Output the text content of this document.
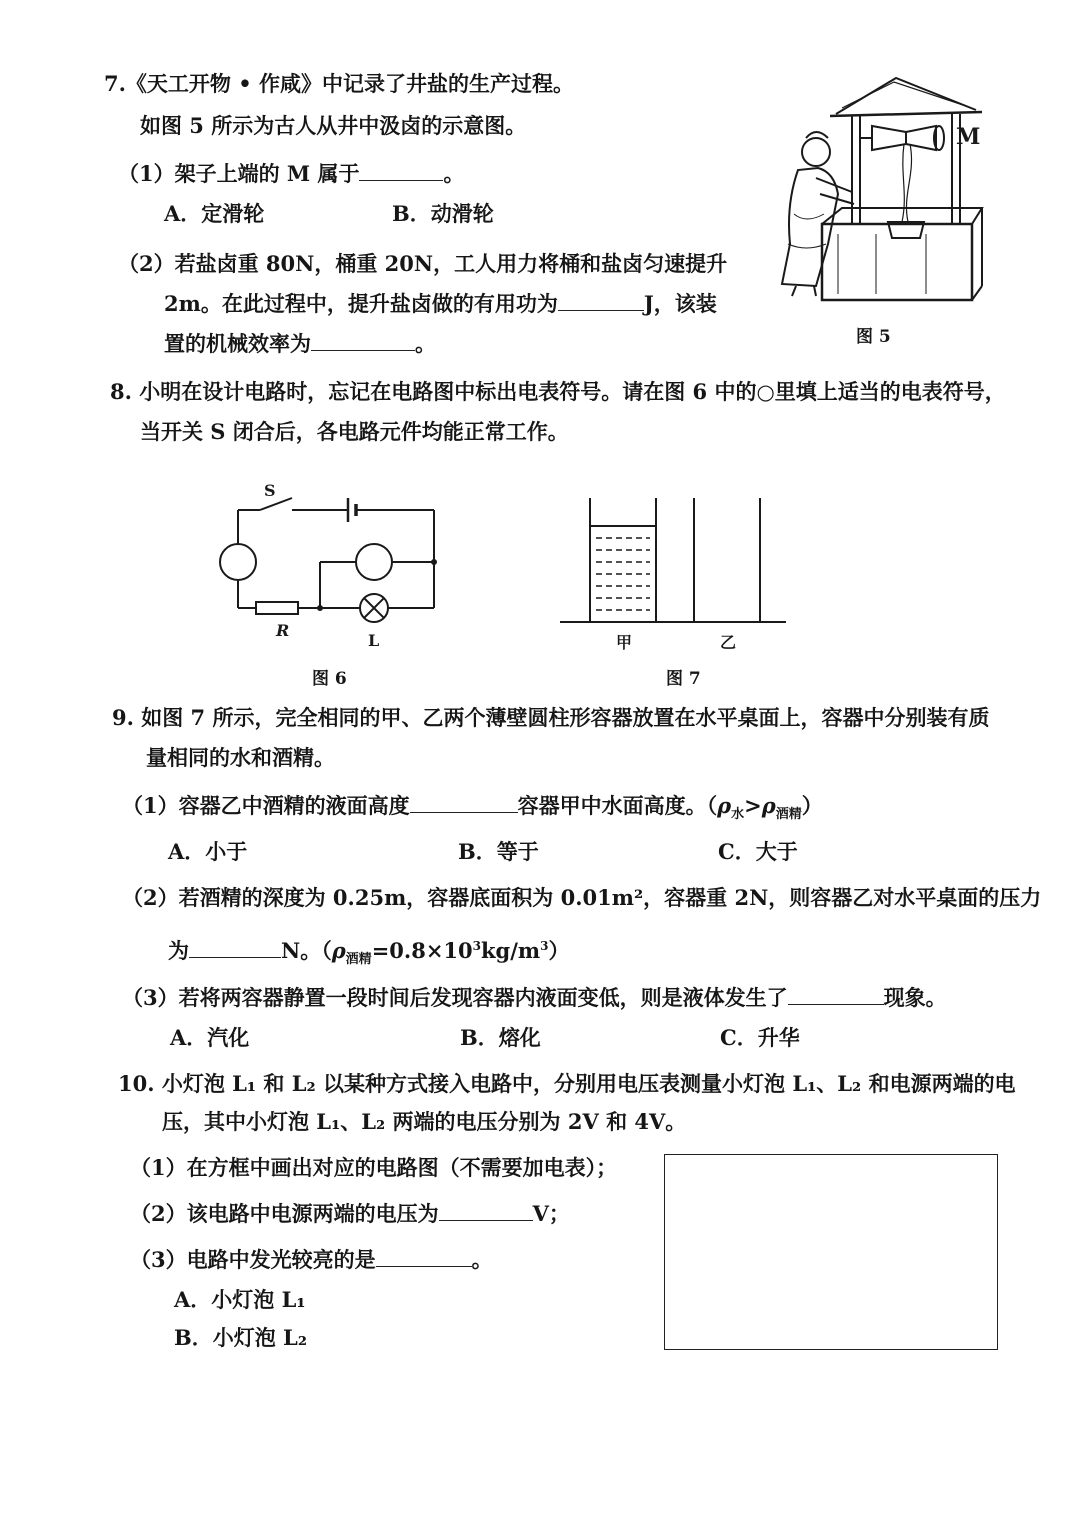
7.《天工开物 • 作咸》中记录了井盐的生产过程。
如图 5 所示为古人从井中汲卤的示意图。
（1）架子上端的 M 属于	。
A．定滑轮	B．动滑轮
（2）若盐卤重 80N，桶重 20N，工人用力将桶和盐卤匀速提升
2m。在此过程中，提升盐卤做的有用功为	J，该装
置的机械效率为	。
M
图 5
8. 小明在设计电路时，忘记在电路图中标出电表符号。请在图 6 中的○里填上适当的电表符号，
当开关 S 闭合后，各电路元件均能正常工作。
S
R
L
图 6
甲	乙
图 7
9. 如图 7 所示，完全相同的甲、乙两个薄壁圆柱形容器放置在水平桌面上，容器中分别装有质
量相同的水和酒精。
（1）容器乙中酒精的液面高度	容器甲中水面高度。$(\rho_水>\rho_{酒精})$
A．小于	B．等于	C．大于
（2）若酒精的深度为 0.25m，容器底面积为 0.01m²，容器重 2N，则容器乙对水平桌面的压力
为	N。$(\rho_{酒精}=0.8\times 10^3kg/m^3)$
（3）若将两容器静置一段时间后发现容器内液面变低，则是液体发生了	现象。
A．汽化	B．熔化	C．升华
10. 小灯泡 L₁ 和 L₂ 以某种方式接入电路中，分别用电压表测量小灯泡 L₁、L₂ 和电源两端的电
压，其中小灯泡 L₁、L₂ 两端的电压分别为 2V 和 4V。
（1）在方框中画出对应的电路图（不需要加电表）；
（2）该电路中电源两端的电压为	V；
（3）电路中发光较亮的是	。
A．小灯泡 L₁
B．小灯泡 L₂
